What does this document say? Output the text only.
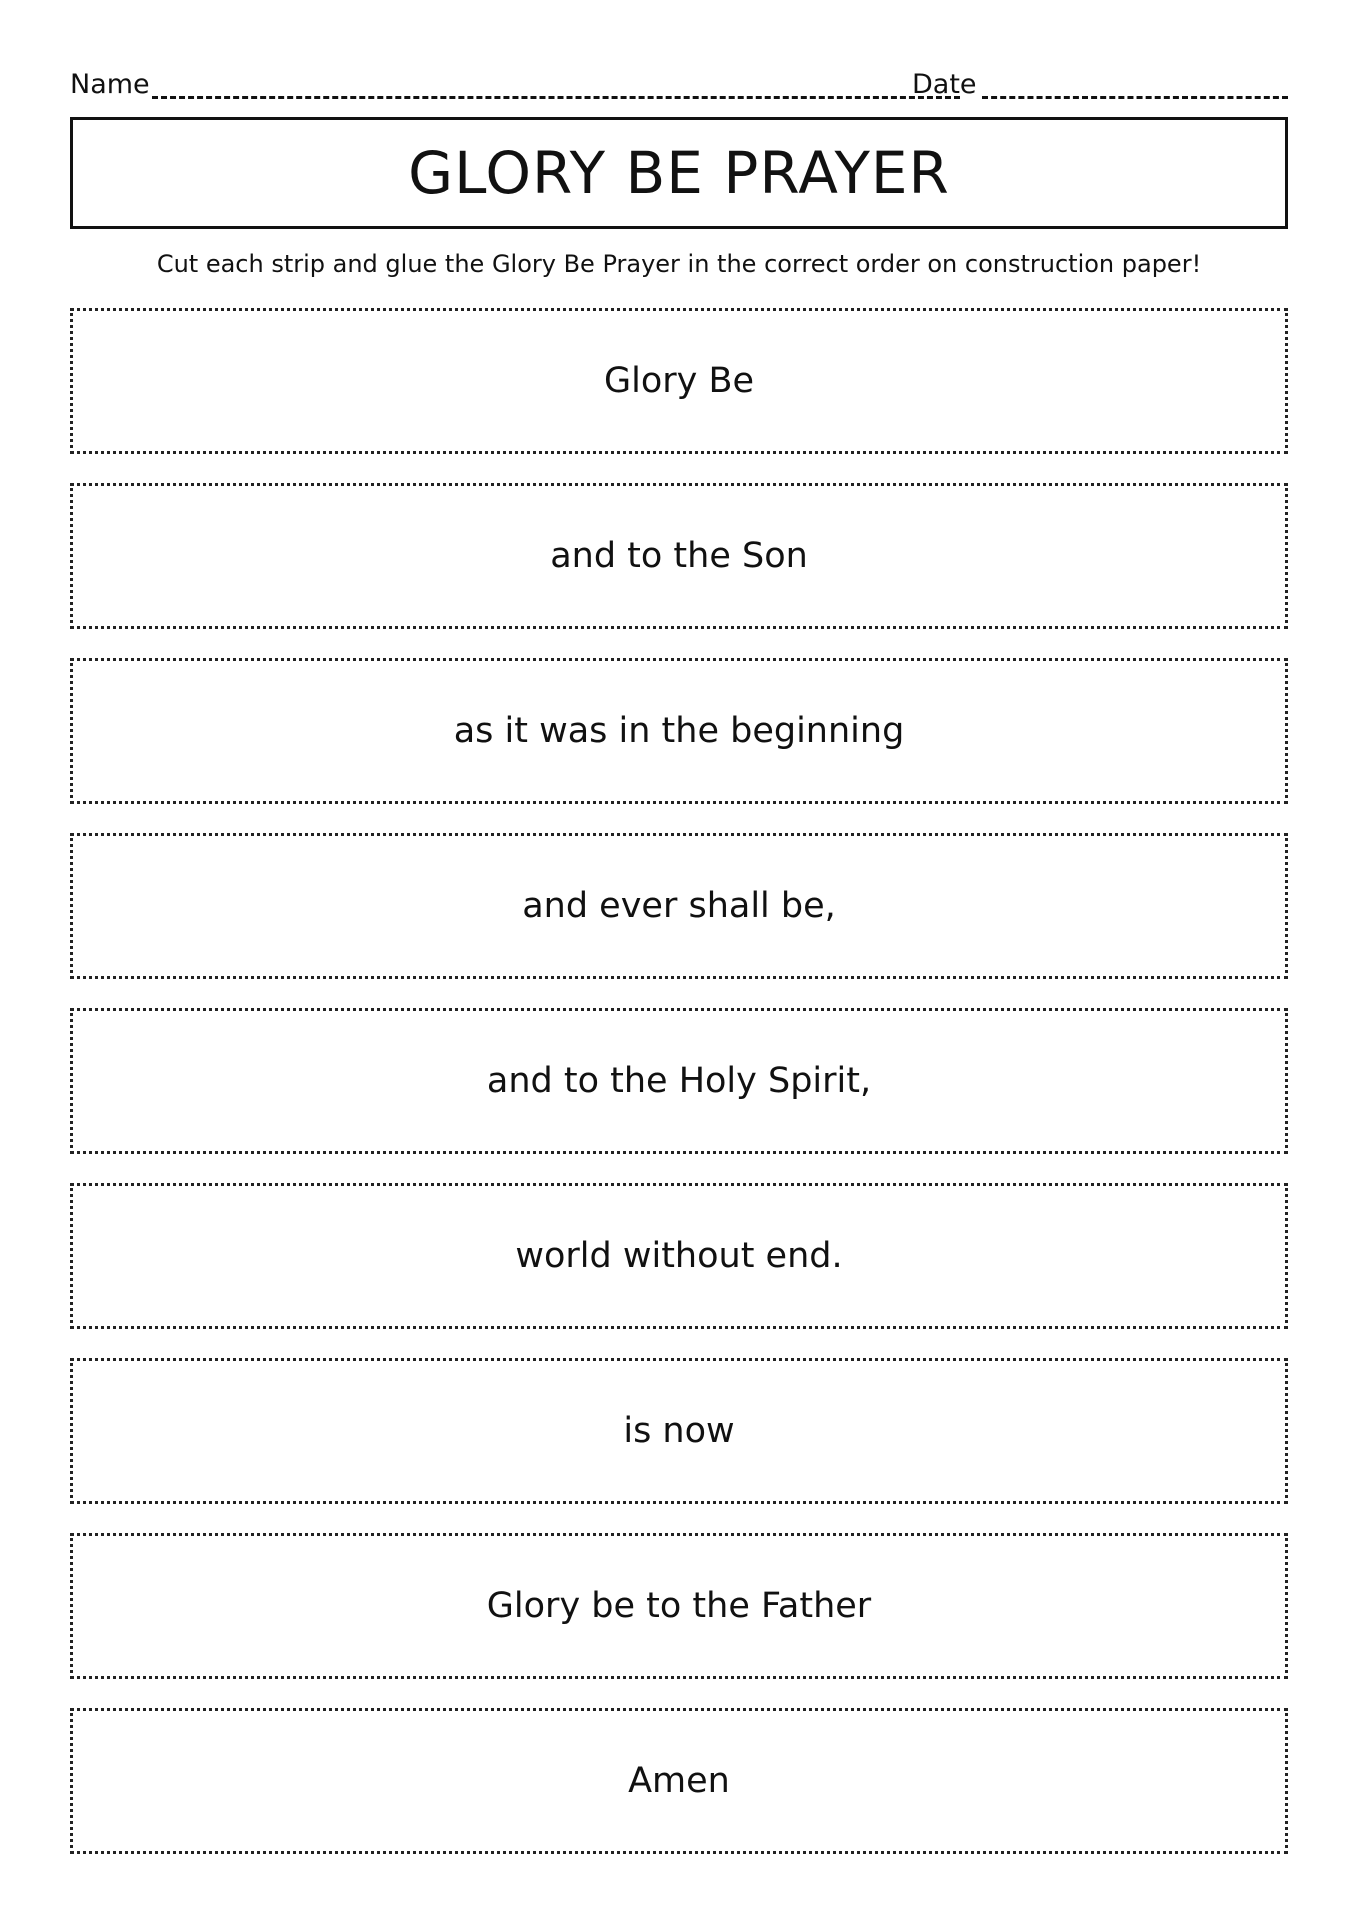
Name	Date
GLORY BE PRAYER
Cut each strip and glue the Glory Be Prayer in the correct order on construction paper!
Glory Be
and to the Son
as it was in the beginning
and ever shall be,
and to the Holy Spirit,
world without end.
is now
Glory be to the Father
Amen
